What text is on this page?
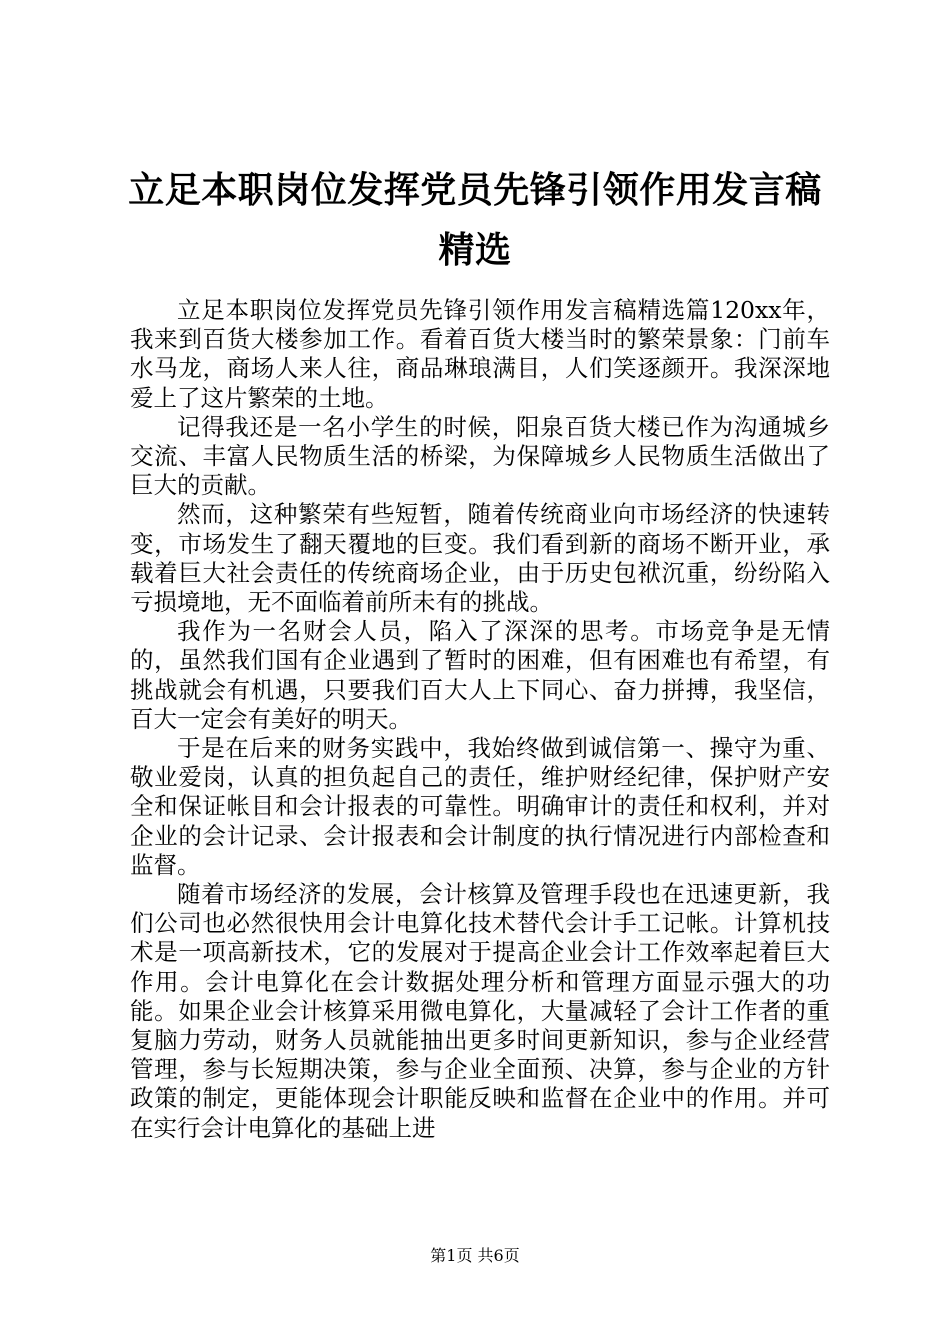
立足本职岗位发挥党员先锋引领作用发言稿精选

立足本职岗位发挥党员先锋引领作用发言稿精选篇120xx年，我来到百货大楼参加工作。看着百货大楼当时的繁荣景象：门前车水马龙，商场人来人往，商品琳琅满目，人们笑逐颜开。我深深地爱上了这片繁荣的土地。

记得我还是一名小学生的时候，阳泉百货大楼已作为沟通城乡交流、丰富人民物质生活的桥梁，为保障城乡人民物质生活做出了巨大的贡献。

然而，这种繁荣有些短暂，随着传统商业向市场经济的快速转变，市场发生了翻天覆地的巨变。我们看到新的商场不断开业，承载着巨大社会责任的传统商场企业，由于历史包袱沉重，纷纷陷入亏损境地，无不面临着前所未有的挑战。

我作为一名财会人员，陷入了深深的思考。市场竞争是无情的，虽然我们国有企业遇到了暂时的困难，但有困难也有希望，有挑战就会有机遇，只要我们百大人上下同心、奋力拼搏，我坚信，百大一定会有美好的明天。

于是在后来的财务实践中，我始终做到诚信第一、操守为重、敬业爱岗，认真的担负起自己的责任，维护财经纪律，保护财产安全和保证帐目和会计报表的可靠性。明确审计的责任和权利，并对企业的会计记录、会计报表和会计制度的执行情况进行内部检查和监督。

随着市场经济的发展，会计核算及管理手段也在迅速更新，我们公司也必然很快用会计电算化技术替代会计手工记帐。计算机技术是一项高新技术，它的发展对于提高企业会计工作效率起着巨大作用。会计电算化在会计数据处理分析和管理方面显示强大的功能。如果企业会计核算采用微电算化，大量减轻了会计工作者的重复脑力劳动，财务人员就能抽出更多时间更新知识，参与企业经营管理，参与长短期决策，参与企业全面预、决算，参与企业的方针政策的制定，更能体现会计职能反映和监督在企业中的作用。并可在实行会计电算化的基础上进

第1页 共6页
